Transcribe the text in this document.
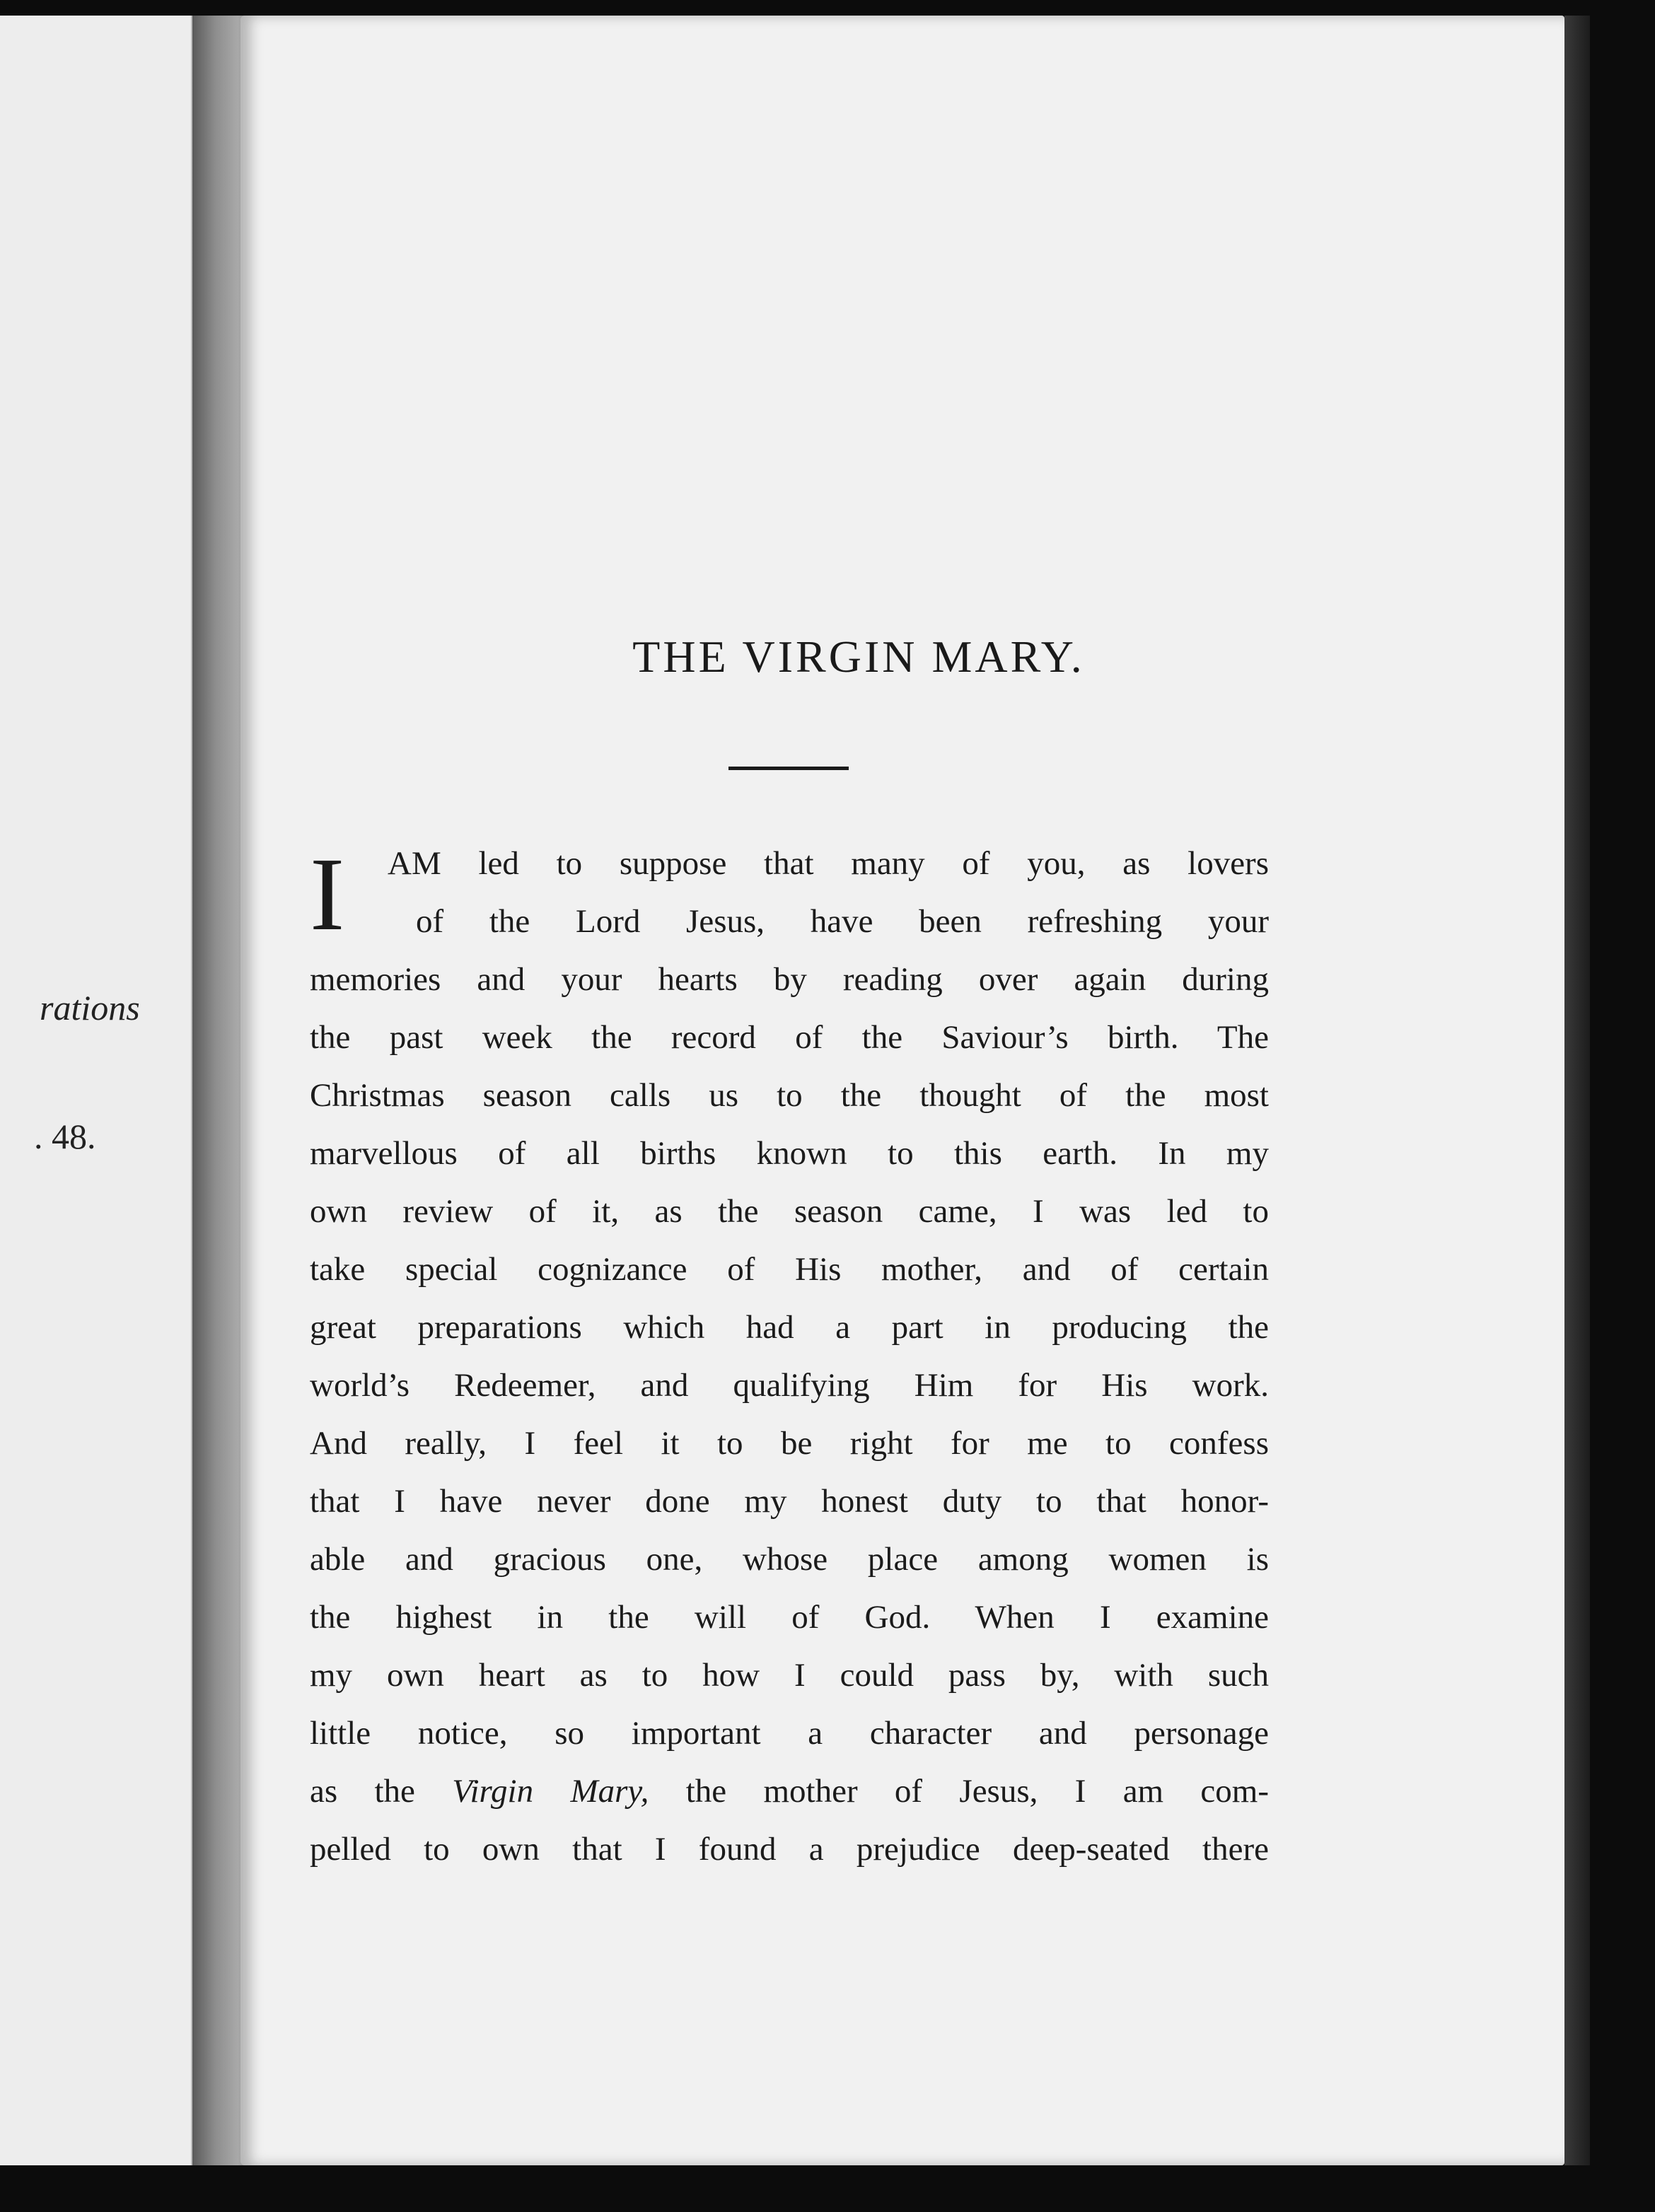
rations
. 48.
THE VIRGIN MARY.
I	AM led to suppose that many of you, as lovers
of the Lord Jesus, have been refreshing your
memories and your hearts by reading over again during
the past week the record of the Saviour’s birth. The
Christmas season calls us to the thought of the most
marvellous of all births known to this earth. In my
own review of it, as the season came, I was led to
take special cognizance of His mother, and of certain
great preparations which had a part in producing the
world’s Redeemer, and qualifying Him for His work.
And really, I feel it to be right for me to confess
that I have never done my honest duty to that honor-
able and gracious one, whose place among women is
the highest in the will of God. When I examine
my own heart as to how I could pass by, with such
little notice, so important a character and personage
as the Virgin Mary, the mother of Jesus, I am com-
pelled to own that I found a prejudice deep-seated there
